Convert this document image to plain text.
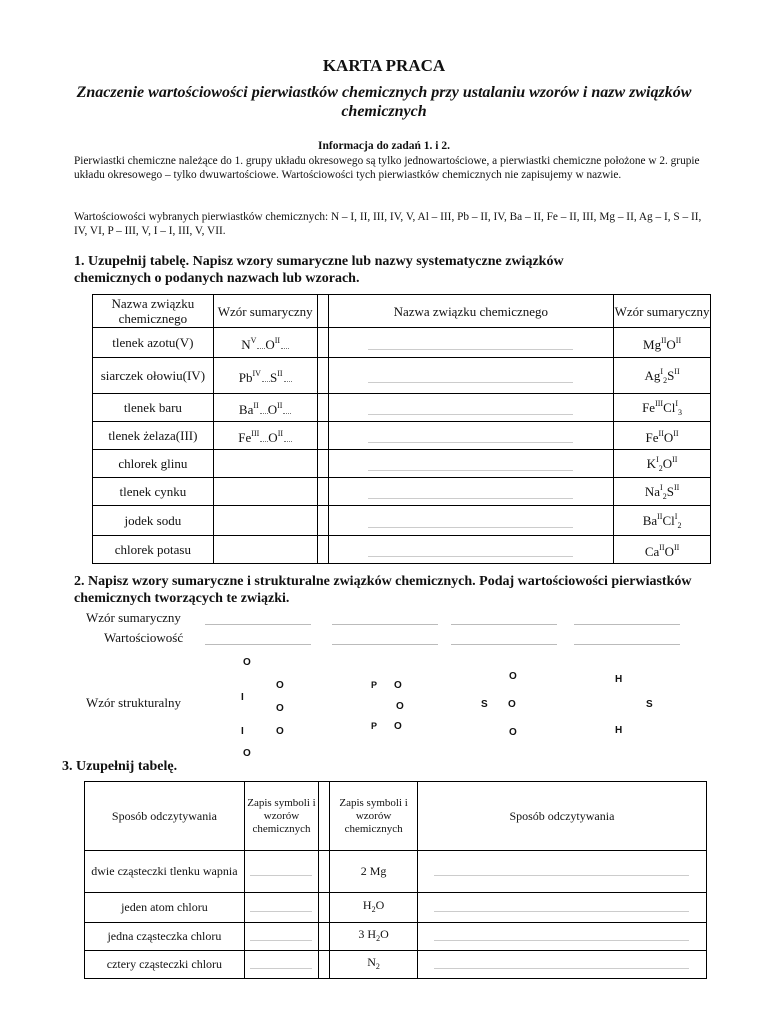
KARTA PRACA
Znaczenie wartościowości pierwiastków chemicznych przy ustalaniu wzorów i nazw związków chemicznych
Informacja do zadań 1. i 2.
Pierwiastki chemiczne należące do 1. grupy układu okresowego są tylko jednowartościowe, a pierwiastki chemiczne położone w 2. grupie układu okresowego – tylko dwuwartościowe. Wartościowości tych pierwiastków chemicznych nie zapisujemy w nazwie.
Wartościowości wybranych pierwiastków chemicznych: N – I, II, III, IV, V, Al – III, Pb – II, IV, Ba – II, Fe – II, III, Mg – II, Ag – I, S – II, IV, VI, P – III, V, I – I, III, V, VII.
1. Uzupełnij tabelę. Napisz wzory sumaryczne lub nazwy systematyczne związków chemicznych o podanych nazwach lub wzorach.
Nazwa związku chemicznego	Wzór sumaryczny		Nazwa związku chemicznego	Wzór sumaryczny
tlenek azotu(V)	$N^V$ $O^{II}$			$Mg^{II}O^{II}$
siarczek ołowiu(IV)	$Pb^{IV}$ $S^{II}$			$Ag^I_2S^{II}$
tlenek baru	$Ba^{II}$ $O^{II}$			$Fe^{III}Cl^I_3$
tlenek żelaza(III)	$Fe^{III}$ $O^{II}$			$Fe^{II}O^{II}$
chlorek glinu				$K^I_2O^{II}$
tlenek cynku				$Na^I_2S^{II}$
jodek sodu				$Ba^{II}Cl^I_2$
chlorek potasu				$Ca^{II}O^{II}$
2. Napisz wzory sumaryczne i strukturalne związków chemicznych. Podaj wartościowości pierwiastków chemicznych tworzących te związki.
Wzór sumaryczny
Wartościowość
Wzór strukturalny
O
O
I
O
I	O
O
P O
O
P O
O
S O
O
H
S
H
3. Uzupełnij tabelę.
Sposób odczytywania	Zapis symboli i wzorów chemicznych		Zapis symboli i wzorów chemicznych	Sposób odczytywania
dwie cząsteczki tlenku wapnia			2 Mg	
jeden atom chloru			$H_2O$	
jedna cząsteczka chloru			3 $H_2O$	
cztery cząsteczki chloru			$N_2$	
